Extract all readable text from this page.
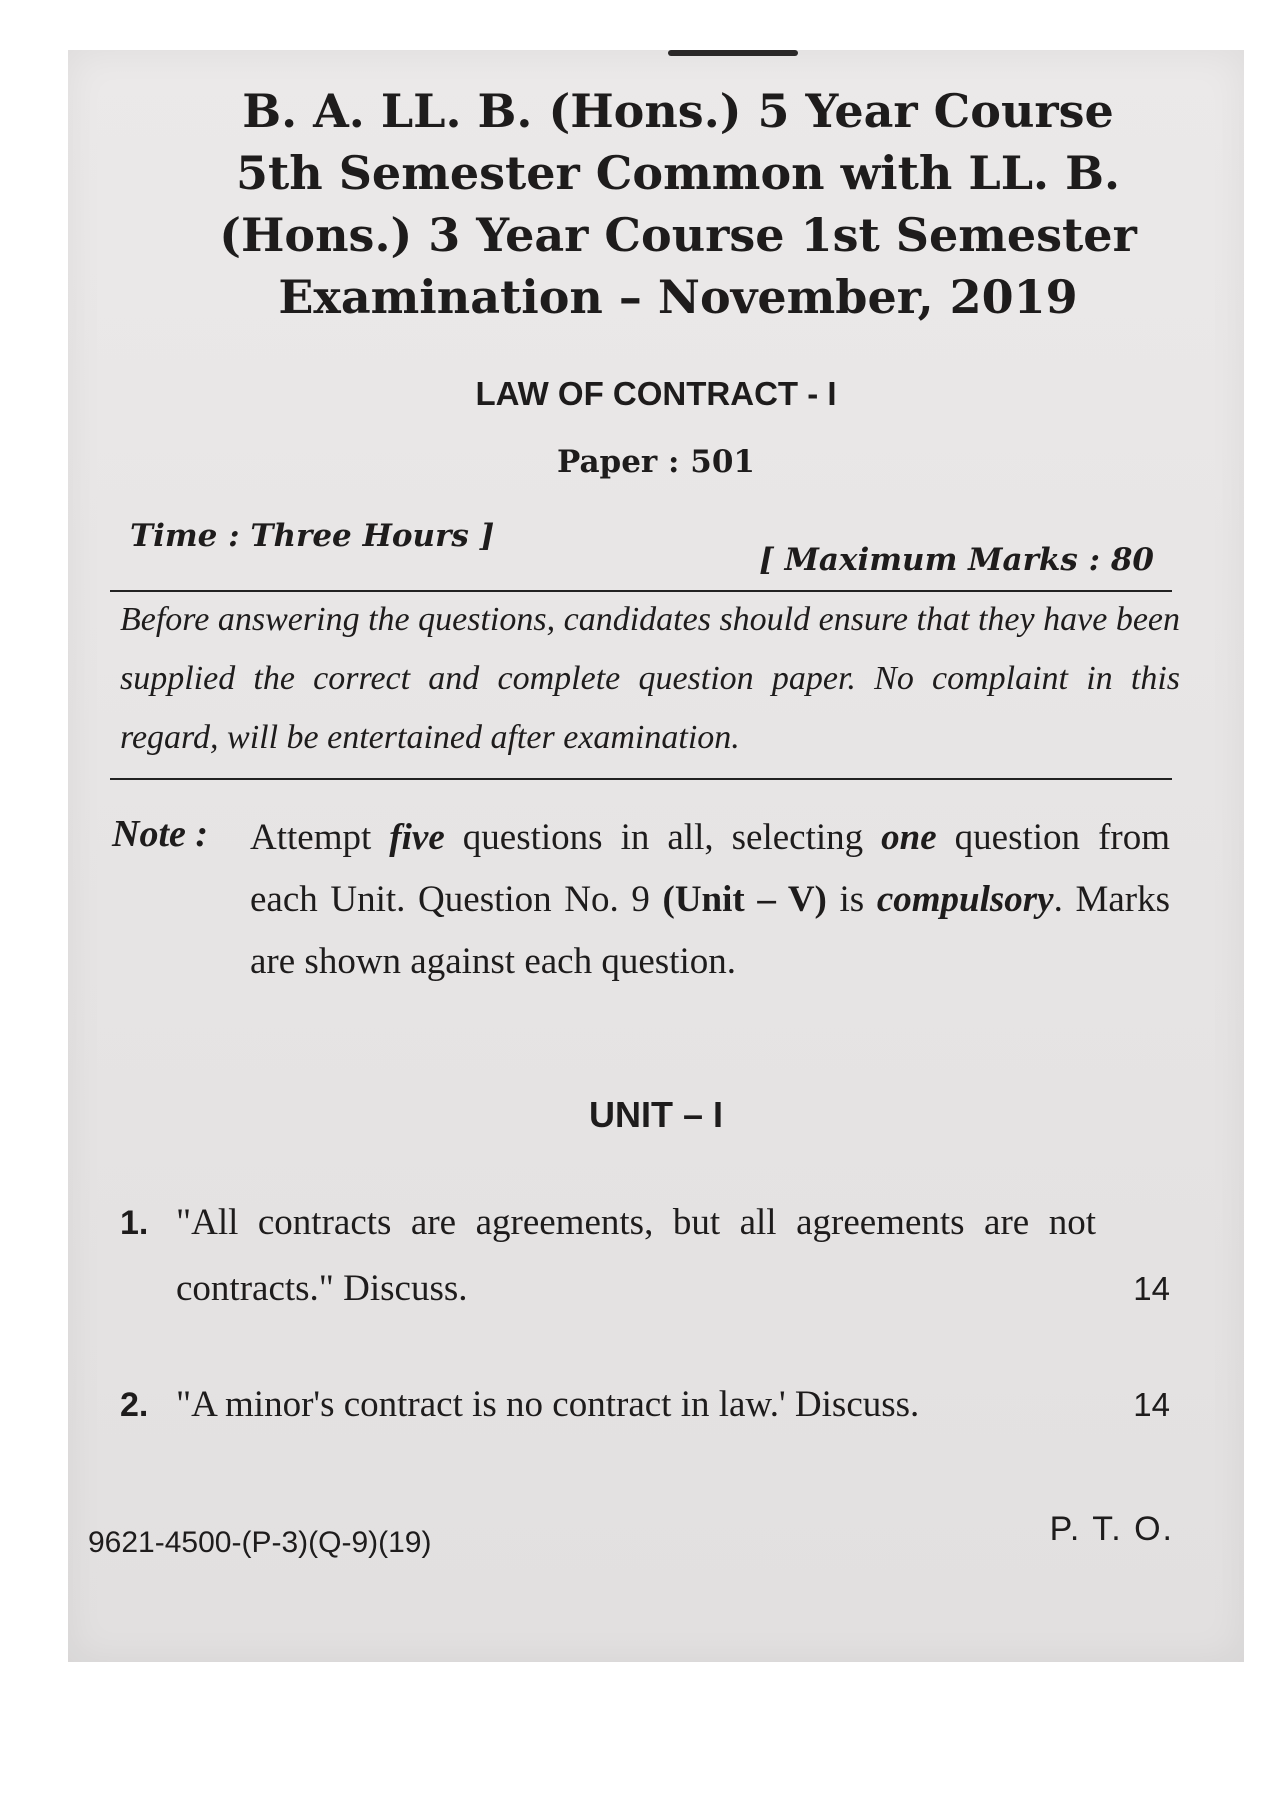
B. A. LL. B. (Hons.) 5 Year Course
5th Semester Common with LL. B.
(Hons.) 3 Year Course 1st Semester
Examination – November, 2019
LAW OF CONTRACT - I
Paper : 501
Time : Three Hours ]
[ Maximum Marks : 80
Before answering the questions, candidates should ensure that they have been supplied the correct and complete question paper. No complaint in this regard, will be entertained after examination.
Note : Attempt five questions in all, selecting one question from each Unit. Question No. 9 (Unit – V) is compulsory. Marks are shown against each question.
UNIT – I
1. "All contracts are agreements, but all agreements are not contracts." Discuss.	14
2. "A minor's contract is no contract in law.' Discuss.	14
9621-4500-(P-3)(Q-9)(19)	P. T. O.
